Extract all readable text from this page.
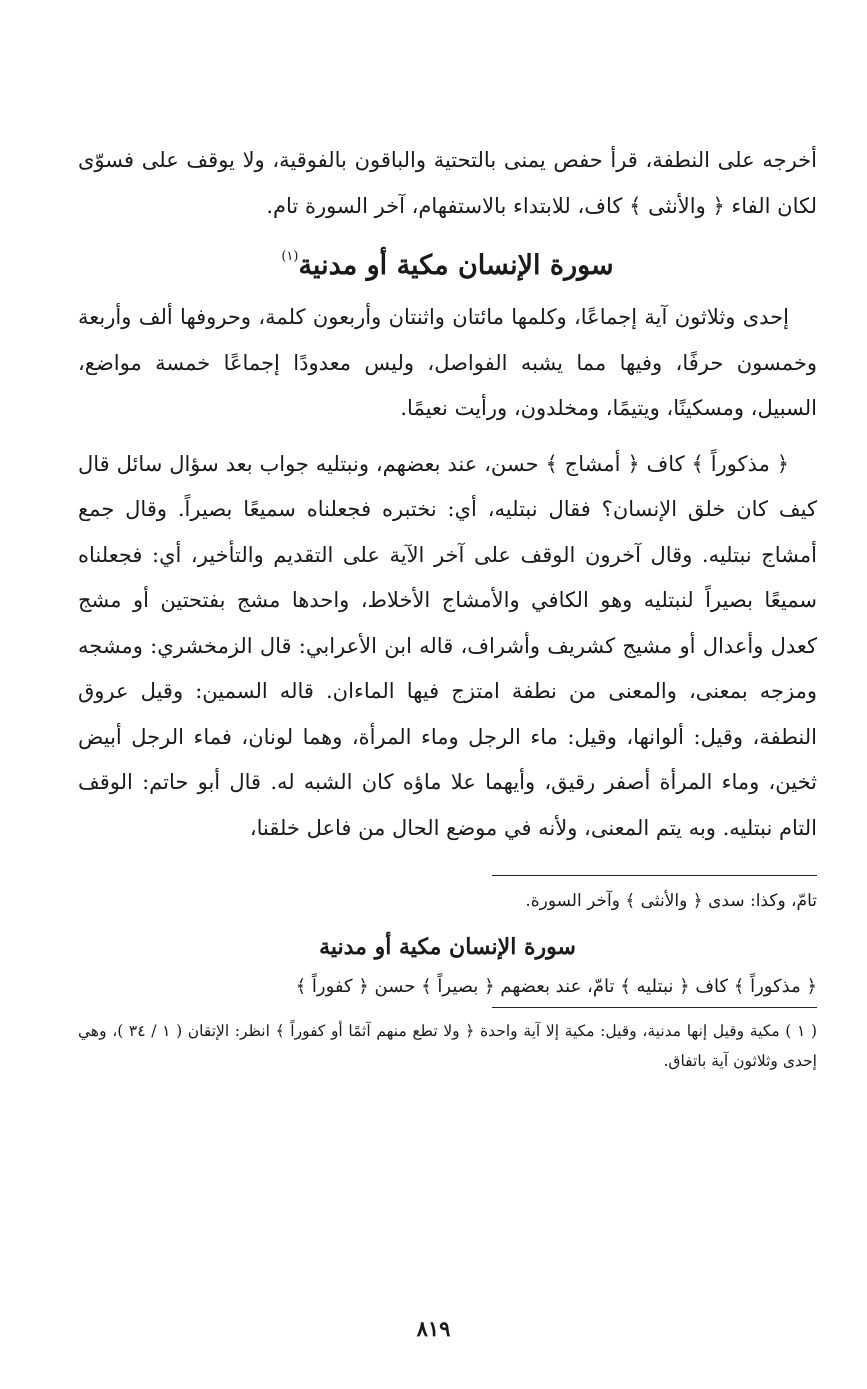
أخرجه على النطفة، قرأ حفص يمنى بالتحتية والباقون بالفوقية، ولا يوقف على فسوّى لكان الفاء ﴿ والأنثى ﴾ كاف، للابتداء بالاستفهام، آخر السورة تام.

سورة الإنسان مكية أو مدنية$^{(١)}$

إحدى وثلاثون آية إجماعًا، وكلمها مائتان واثنتان وأربعون كلمة، وحروفها ألف وأربعة وخمسون حرفًا، وفيها مما يشبه الفواصل، وليس معدودًا إجماعًا خمسة مواضع، السبيل، ومسكينًا، ويتيمًا، ومخلدون، ورأيت نعيمًا.

﴿ مذكوراً ﴾ كاف ﴿ أمشاج ﴾ حسن، عند بعضهم، ونبتليه جواب بعد سؤال سائل قال كيف كان خلق الإنسان؟ فقال نبتليه، أي: نختبره فجعلناه سميعًا بصيراً. وقال جمع أمشاج نبتليه. وقال آخرون الوقف على آخر الآية على التقديم والتأخير، أي: فجعلناه سميعًا بصيراً لنبتليه وهو الكافي والأمشاج الأخلاط، واحدها مشج بفتحتين أو مشج كعدل وأعدال أو مشيج كشريف وأشراف، قاله ابن الأعرابي: قال الزمخشري: ومشجه ومزجه بمعنى، والمعنى من نطفة امتزج فيها الماءان. قاله السمين: وقيل عروق النطفة، وقيل: ألوانها، وقيل: ماء الرجل وماء المرأة، وهما لونان، فماء الرجل أبيض ثخين، وماء المرأة أصفر رقيق، وأيهما علا ماؤه كان الشبه له. قال أبو حاتم: الوقف التام نبتليه. وبه يتم المعنى، ولأنه في موضع الحال من فاعل خلقنا،

تامّ، وكذا: سدى ﴿ والأنثى ﴾ وآخر السورة.

سورة الإنسان مكية أو مدنية

﴿ مذكوراً ﴾ كاف ﴿ نبتليه ﴾ تامّ، عند بعضهم ﴿ بصيراً ﴾ حسن ﴿ كفوراً ﴾

( ١ ) مكية وقيل إنها مدنية، وقيل: مكية إلا آية واحدة ﴿ ولا تطع منهم آثمًا أو كفوراً ﴾ انظر: الإتقان ( ١ / ٣٤ )، وهي إحدى وثلاثون آية باتفاق.

٨١٩
